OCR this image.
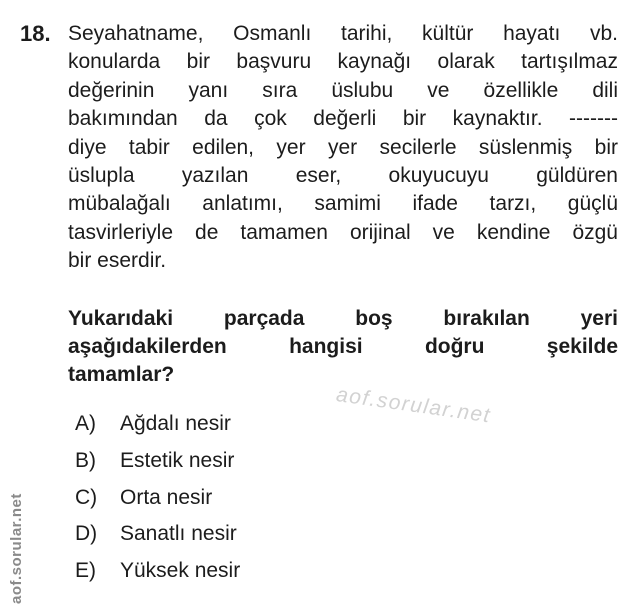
18. Seyahatname, Osmanlı tarihi, kültür hayatı vb.
konularda bir başvuru kaynağı olarak tartışılmaz
değerinin yanı sıra üslubu ve özellikle dili
bakımından da çok değerli bir kaynaktır. -------
diye tabir edilen, yer yer secilerle süslenmiş bir
üslupla yazılan eser, okuyucuyu güldüren
mübalağalı anlatımı, samimi ifade tarzı, güçlü
tasvirleriyle de tamamen orijinal ve kendine özgü
bir eserdir.
Yukarıdaki parçada boş bırakılan yeri
aşağıdakilerden hangisi doğru şekilde
tamamlar?
aof.sorular.net
A)	Ağdalı nesir
B)	Estetik nesir
C)	Orta nesir
D)	Sanatlı nesir
E)	Yüksek nesir
aof.sorular.net
